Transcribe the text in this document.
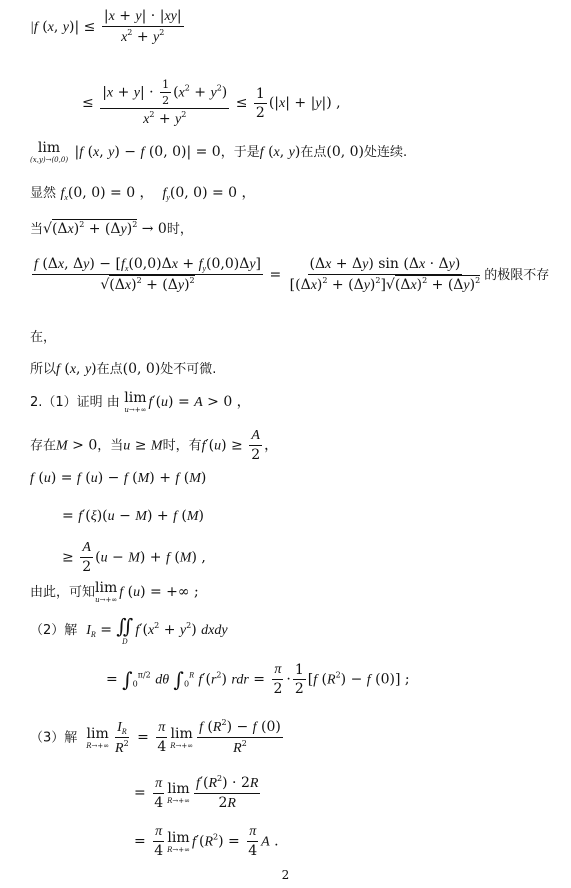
|f (x, $y)| \le \frac{|x + y| \cdot |xy|}{x^2 + y^2}$
≤ $\frac{|x + y| \cdot \frac{1}{2} (x^2 + y^2)}{x^2 + y^2} \le \frac{1}{2} (|x| + |y|)$ ,
lim
(x,y)→(0,0) |f (x, y) − f (0, 0)| = 0，于是f (x, y)在点(0, 0)处连续.
显然 $f_x(0$, 0) = 0 ，  $f_y(0$, 0) = 0 ，
当$√(\Delta x)^2 + (\Delta y)^2 \to 0$时，
$\frac{f (\Delta x, \Delta y) - [f_x(0,0)\Delta x + f_y(0,0)\Delta y]}{√(\Delta x)^2 + (\Delta y)^2} = \frac{(\Delta x + \Delta y) \sin (\Delta x \cdot \Delta y)}{[(\Delta x)^2 + (\Delta y)^2]√(\Delta x)^2 + (\Delta y)^2}$ 的极限不存
在，
所以f (x, y)在点(0, 0)处不可微.
2.（1）证明 由 lim
u→+∞ f′(u) = A > 0 ，
存在M > 0，当u ≥ M时，有$f'(u) \ge \frac{A}{2}$ ，
f (u) = f (u) − f (M) + f (M)
= f′(ξ)(u − M) + f (M)
≥ $\frac{A}{2} (u - M) + f$ (M) ,
由此，可知 lim
u→+∞ f (u) = +∞ ;
（2）解 $I_R$ = ∬
D
$f'(x^2 + y^2)$ dxdy
= $\int_0^{\pi/2}$ dθ $\int_0^R$ $f'(r^2)$ rdr = $\frac{\pi}{2} \cdot \frac{1}{2} [f$ $(R^2) - f$ (0)] ;
（3）解 lim
$R\to+\infty \frac{I_R}{R^2} = \frac{\pi}{4}$ lim
$R\to+\infty \frac{f (R^2) - f (0)}{R^2}$
= $\frac{\pi}{4}$ lim
$R\to+\infty \frac{f'(R^2) \cdot 2R}{2R}$
= $\frac{\pi}{4}$ lim
R→+∞ $f'(R^2) = \frac{\pi}{4}$ A .
2
